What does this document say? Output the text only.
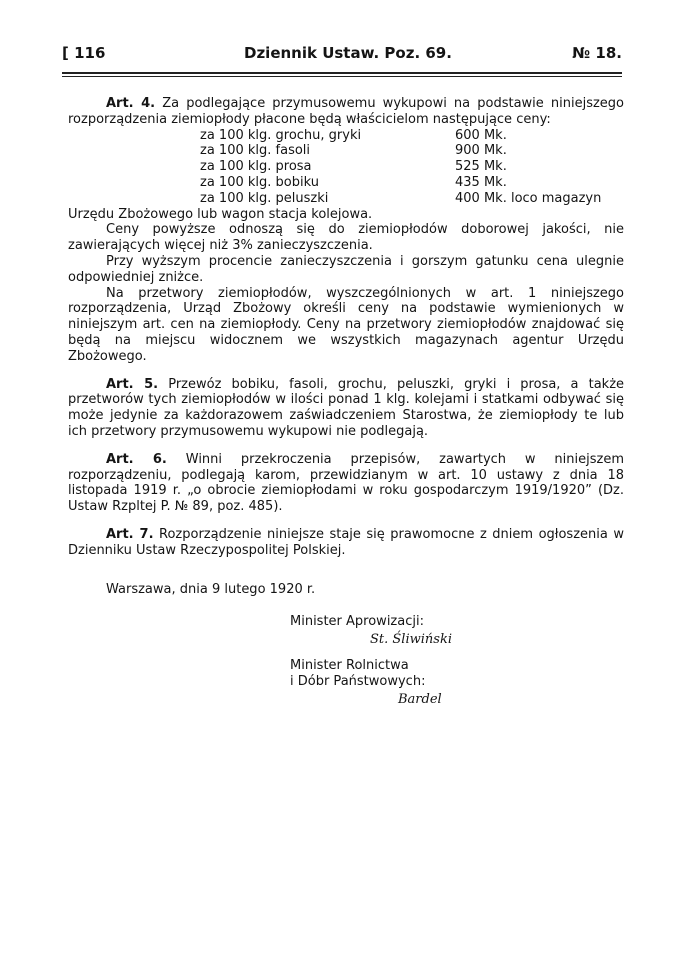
[ 116	Dziennik Ustaw. Poz. 69.	№ 18.

Art. 4. Za podlegające przymusowemu wykupowi na podstawie niniejszego rozporządzenia ziemiopłody płacone będą właścicielom następujące ceny:

za 100 klg. grochu, gryki	600 Mk.
za 100 klg. fasoli	900 Mk.
za 100 klg. prosa	525 Mk.
za 100 klg. bobiku	435 Mk.
za 100 klg. peluszki	400 Mk. loco magazyn

Urzędu Zbożowego lub wagon stacja kolejowa.

Ceny powyższe odnoszą się do ziemiopłodów doborowej jakości, nie zawierających więcej niż 3% zanieczyszczenia.

Przy wyższym procencie zanieczyszczenia i gorszym gatunku cena ulegnie odpowiedniej zniżce.

Na przetwory ziemiopłodów, wyszczególnionych w art. 1 niniejszego rozporządzenia, Urząd Zbożowy określi ceny na podstawie wymienionych w niniejszym art. cen na ziemiopłody. Ceny na przetwory ziemiopłodów znajdować się będą na miejscu widocznem we wszystkich magazynach agentur Urzędu Zbożowego.

Art. 5. Przewóz bobiku, fasoli, grochu, peluszki, gryki i prosa, a także przetworów tych ziemiopłodów w ilości ponad 1 klg. kolejami i statkami odbywać się może jedynie za każdorazowem zaświadczeniem Starostwa, że ziemiopłody te lub ich przetwory przymusowemu wykupowi nie podlegają.

Art. 6. Winni przekroczenia przepisów, zawartych w niniejszem rozporządzeniu, podlegają karom, przewidzianym w art. 10 ustawy z dnia 18 listopada 1919 r. „o obrocie ziemiopłodami w roku gospodarczym 1919/1920” (Dz. Ustaw Rzpltej P. № 89, poz. 485).

Art. 7. Rozporządzenie niniejsze staje się prawomocne z dniem ogłoszenia w Dzienniku Ustaw Rzeczypospolitej Polskiej.

Warszawa, dnia 9 lutego 1920 r.
Minister Aprowizacji:
St. Śliwiński
Minister Rolnictwa
i Dóbr Państwowych:
Bardel
